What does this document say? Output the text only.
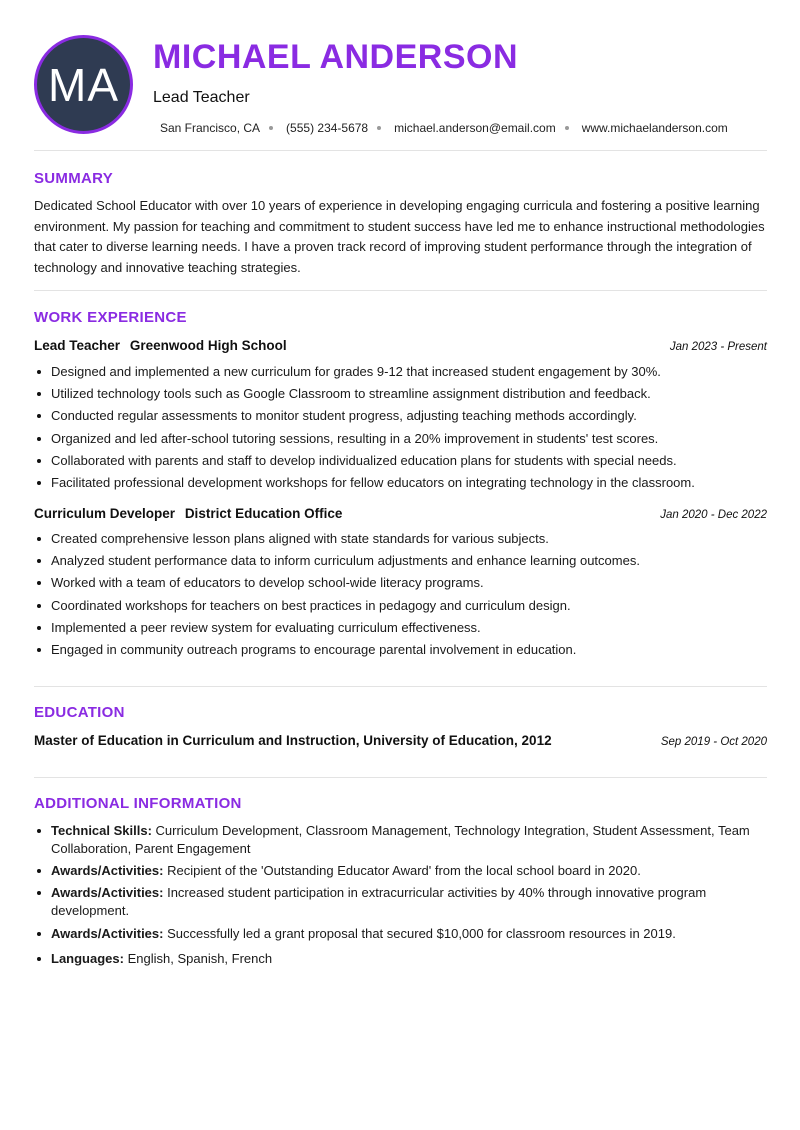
MA
MICHAEL ANDERSON
Lead Teacher
San Francisco, CA (555) 234-5678 michael.anderson@email.com www.michaelanderson.com
SUMMARY

Dedicated School Educator with over 10 years of experience in developing engaging curricula and fostering a positive learning environment. My passion for teaching and commitment to student success have led me to enhance instructional methodologies that cater to diverse learning needs. I have a proven track record of improving student performance through the integration of technology and innovative teaching strategies.

WORK EXPERIENCE
Lead Teacher Greenwood High School	Jan 2023 - Present
Designed and implemented a new curriculum for grades 9-12 that increased student engagement by 30%.
Utilized technology tools such as Google Classroom to streamline assignment distribution and feedback.
Conducted regular assessments to monitor student progress, adjusting teaching methods accordingly.
Organized and led after-school tutoring sessions, resulting in a 20% improvement in students' test scores.
Collaborated with parents and staff to develop individualized education plans for students with special needs.
Facilitated professional development workshops for fellow educators on integrating technology in the classroom.
Curriculum Developer District Education Office	Jan 2020 - Dec 2022
Created comprehensive lesson plans aligned with state standards for various subjects.
Analyzed student performance data to inform curriculum adjustments and enhance learning outcomes.
Worked with a team of educators to develop school-wide literacy programs.
Coordinated workshops for teachers on best practices in pedagogy and curriculum design.
Implemented a peer review system for evaluating curriculum effectiveness.
Engaged in community outreach programs to encourage parental involvement in education.
EDUCATION
Master of Education in Curriculum and Instruction, University of Education, 2012	Sep 2019 - Oct 2020
ADDITIONAL INFORMATION
Technical Skills: Curriculum Development, Classroom Management, Technology Integration, Student Assessment, Team Collaboration, Parent Engagement
Awards/Activities: Recipient of the 'Outstanding Educator Award' from the local school board in 2020.
Awards/Activities: Increased student participation in extracurricular activities by 40% through innovative program development.
Awards/Activities: Successfully led a grant proposal that secured $10,000 for classroom resources in 2019.
Languages: English, Spanish, French
